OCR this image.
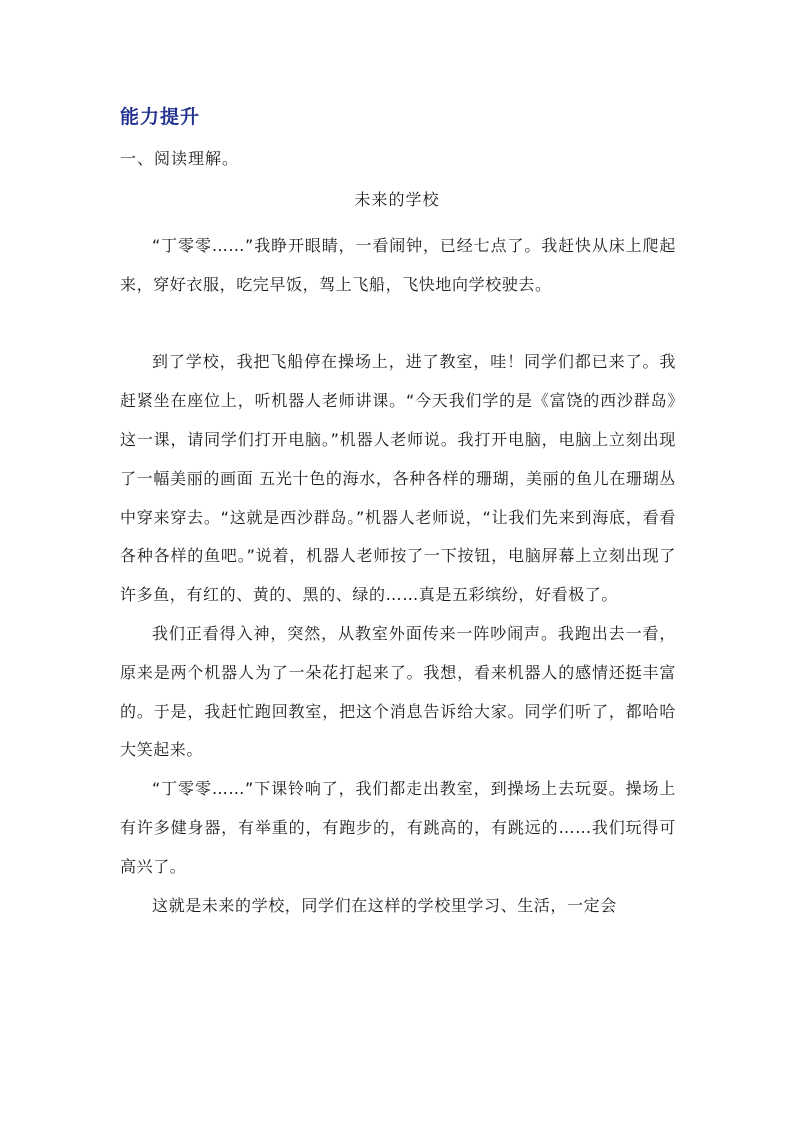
能力提升
一、阅读理解。
未来的学校

“丁零零……”我睁开眼睛，一看闹钟，已经七点了。我赶快从床上爬起来，穿好衣服，吃完早饭，驾上飞船，飞快地向学校驶去。

到了学校，我把飞船停在操场上，进了教室，哇！同学们都已来了。我赶紧坐在座位上，听机器人老师讲课。“今天我们学的是《富饶的西沙群岛》这一课，请同学们打开电脑。”机器人老师说。我打开电脑，电脑上立刻出现了一幅美丽的画面 五光十色的海水，各种各样的珊瑚，美丽的鱼儿在珊瑚丛中穿来穿去。“这就是西沙群岛。”机器人老师说，“让我们先来到海底，看看各种各样的鱼吧。”说着，机器人老师按了一下按钮，电脑屏幕上立刻出现了许多鱼，有红的、黄的、黑的、绿的……真是五彩缤纷，好看极了。

我们正看得入神，突然，从教室外面传来一阵吵闹声。我跑出去一看，原来是两个机器人为了一朵花打起来了。我想，看来机器人的感情还挺丰富的。于是，我赶忙跑回教室，把这个消息告诉给大家。同学们听了，都哈哈大笑起来。

“丁零零……”下课铃响了，我们都走出教室，到操场上去玩耍。操场上有许多健身器，有举重的，有跑步的，有跳高的，有跳远的……我们玩得可高兴了。

这就是未来的学校，同学们在这样的学校里学习、生活，一定会
